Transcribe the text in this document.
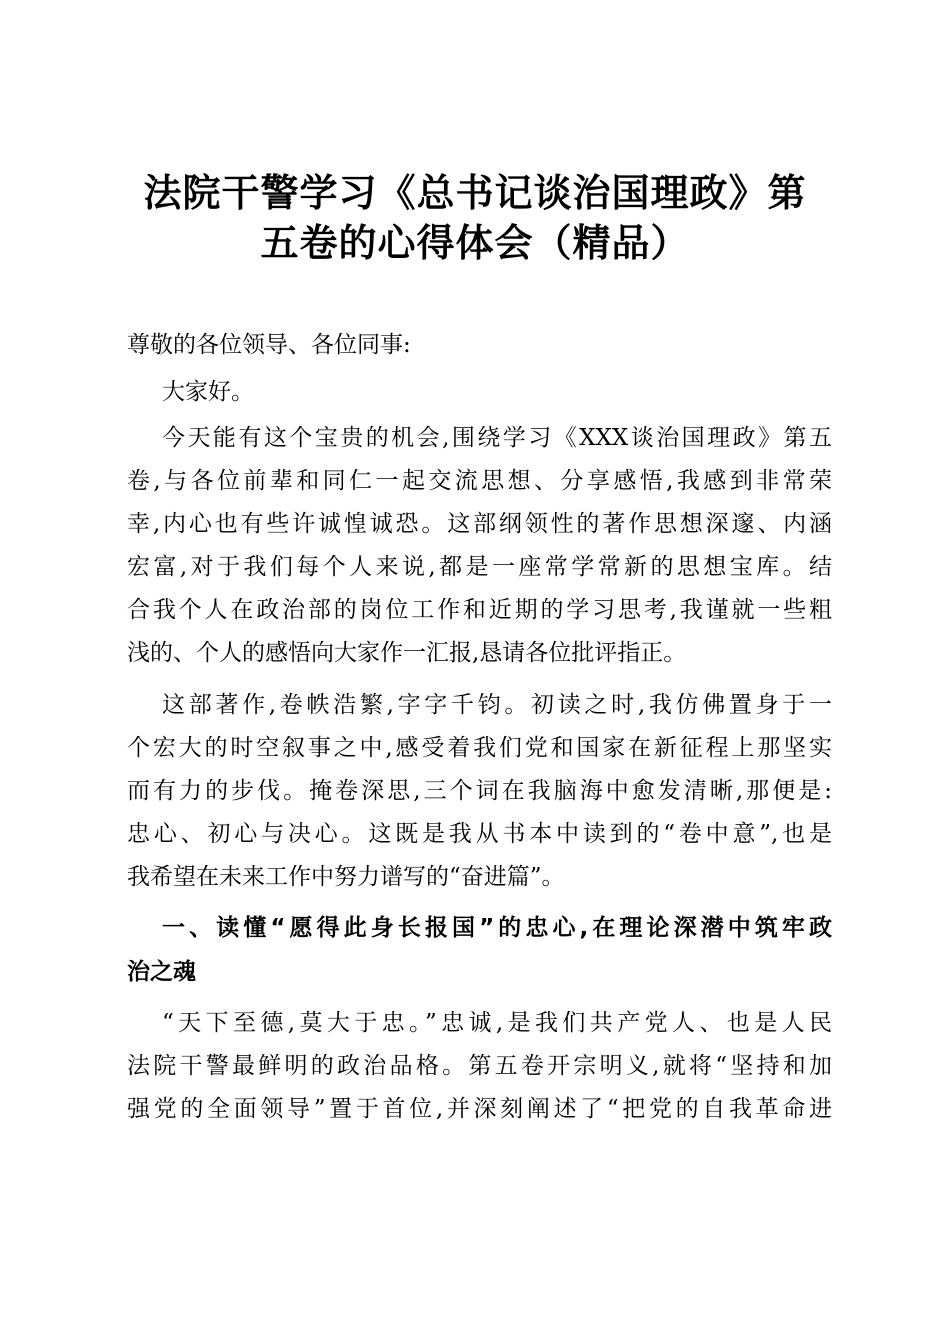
法院干警学习《总书记谈治国理政》第
五卷的心得体会（精品）
尊敬的各位领导、各位同事:
大家好。
今天能有这个宝贵的机会,围绕学习《XXX谈治国理政》第五
卷,与各位前辈和同仁一起交流思想、分享感悟,我感到非常荣
幸,内心也有些许诚惶诚恐。这部纲领性的著作思想深邃、内涵
宏富,对于我们每个人来说,都是一座常学常新的思想宝库。结
合我个人在政治部的岗位工作和近期的学习思考,我谨就一些粗
浅的、个人的感悟向大家作一汇报,恳请各位批评指正。
这部著作,卷帙浩繁,字字千钧。初读之时,我仿佛置身于一
个宏大的时空叙事之中,感受着我们党和国家在新征程上那坚实
而有力的步伐。掩卷深思,三个词在我脑海中愈发清晰,那便是:
忠心、初心与决心。这既是我从书本中读到的“卷中意”,也是
我希望在未来工作中努力谱写的“奋进篇”。
一、读懂“愿得此身长报国”的忠心,在理论深潜中筑牢政
治之魂
“天下至德,莫大于忠。”忠诚,是我们共产党人、也是人民
法院干警最鲜明的政治品格。第五卷开宗明义,就将“坚持和加
强党的全面领导”置于首位,并深刻阐述了“把党的自我革命进
